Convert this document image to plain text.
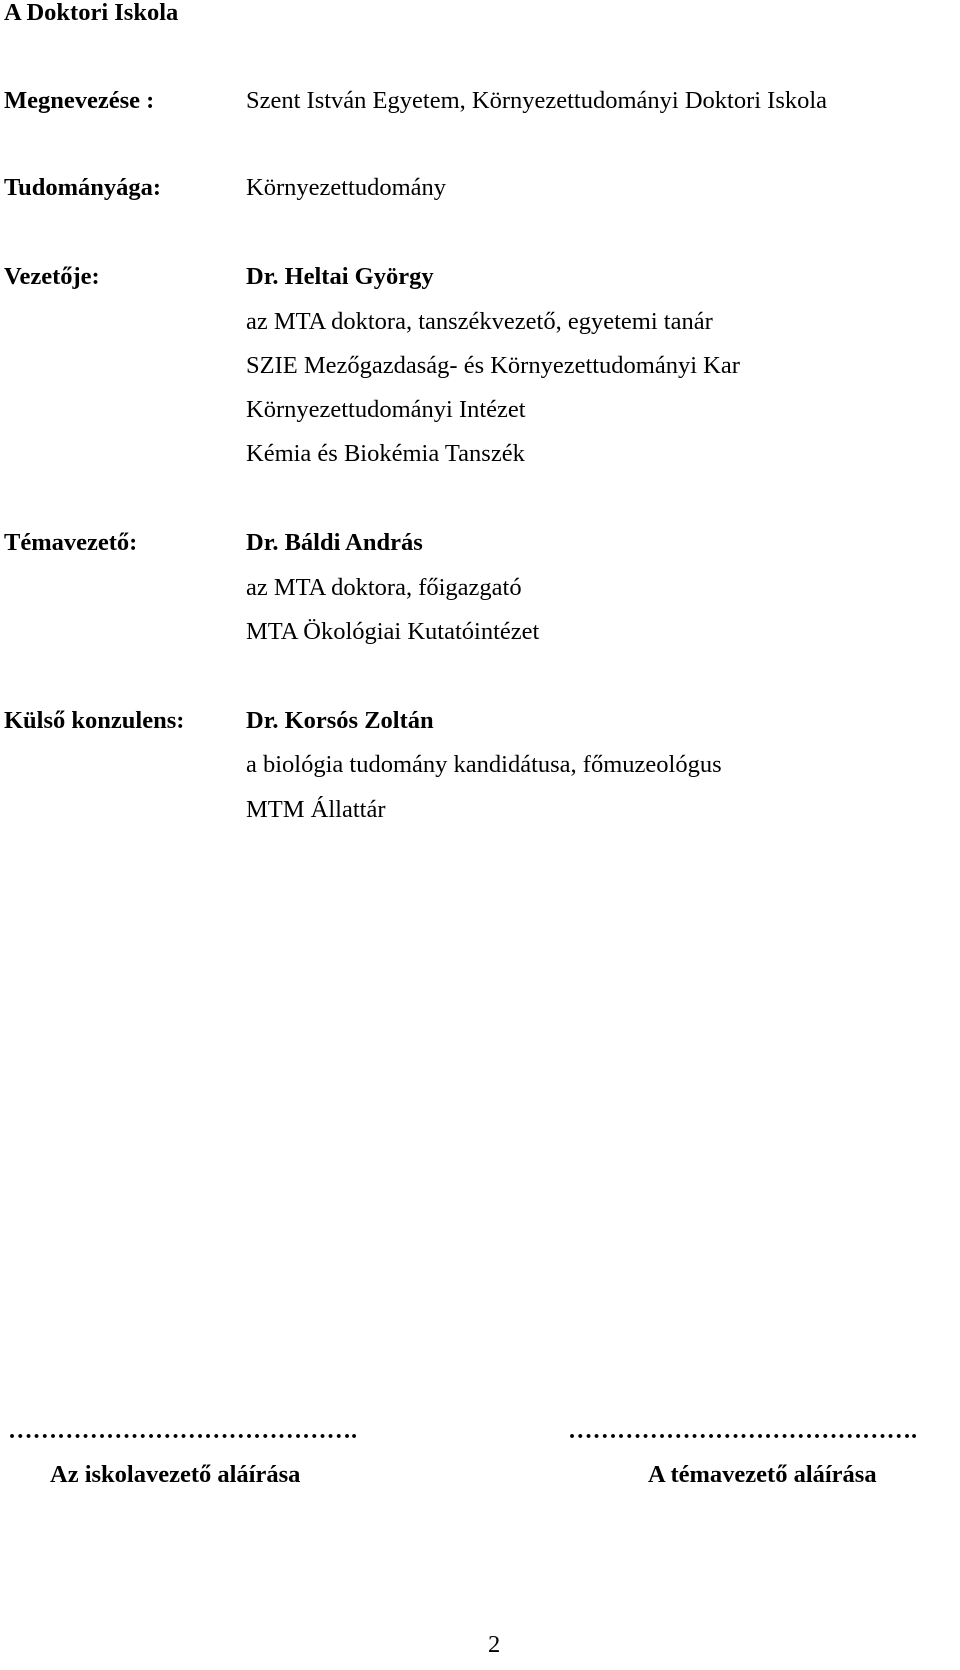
A Doktori Iskola
Megnevezése :	Szent István Egyetem, Környezettudományi Doktori Iskola
Tudományága:	Környezettudomány
Vezetője:	Dr. Heltai György
az MTA doktora, tanszékvezető, egyetemi tanár
SZIE Mezőgazdaság- és Környezettudományi Kar
Környezettudományi Intézet
Kémia és Biokémia Tanszék
Témavezető:	Dr. Báldi András
az MTA doktora, főigazgató
MTA Ökológiai Kutatóintézet
Külső konzulens:	Dr. Korsós Zoltán
a biológia tudomány kandidátusa, főmuzeológus
MTM Állattár
…………………………………….	…………………………………….
Az iskolavezető aláírása	A témavezető aláírása
2
